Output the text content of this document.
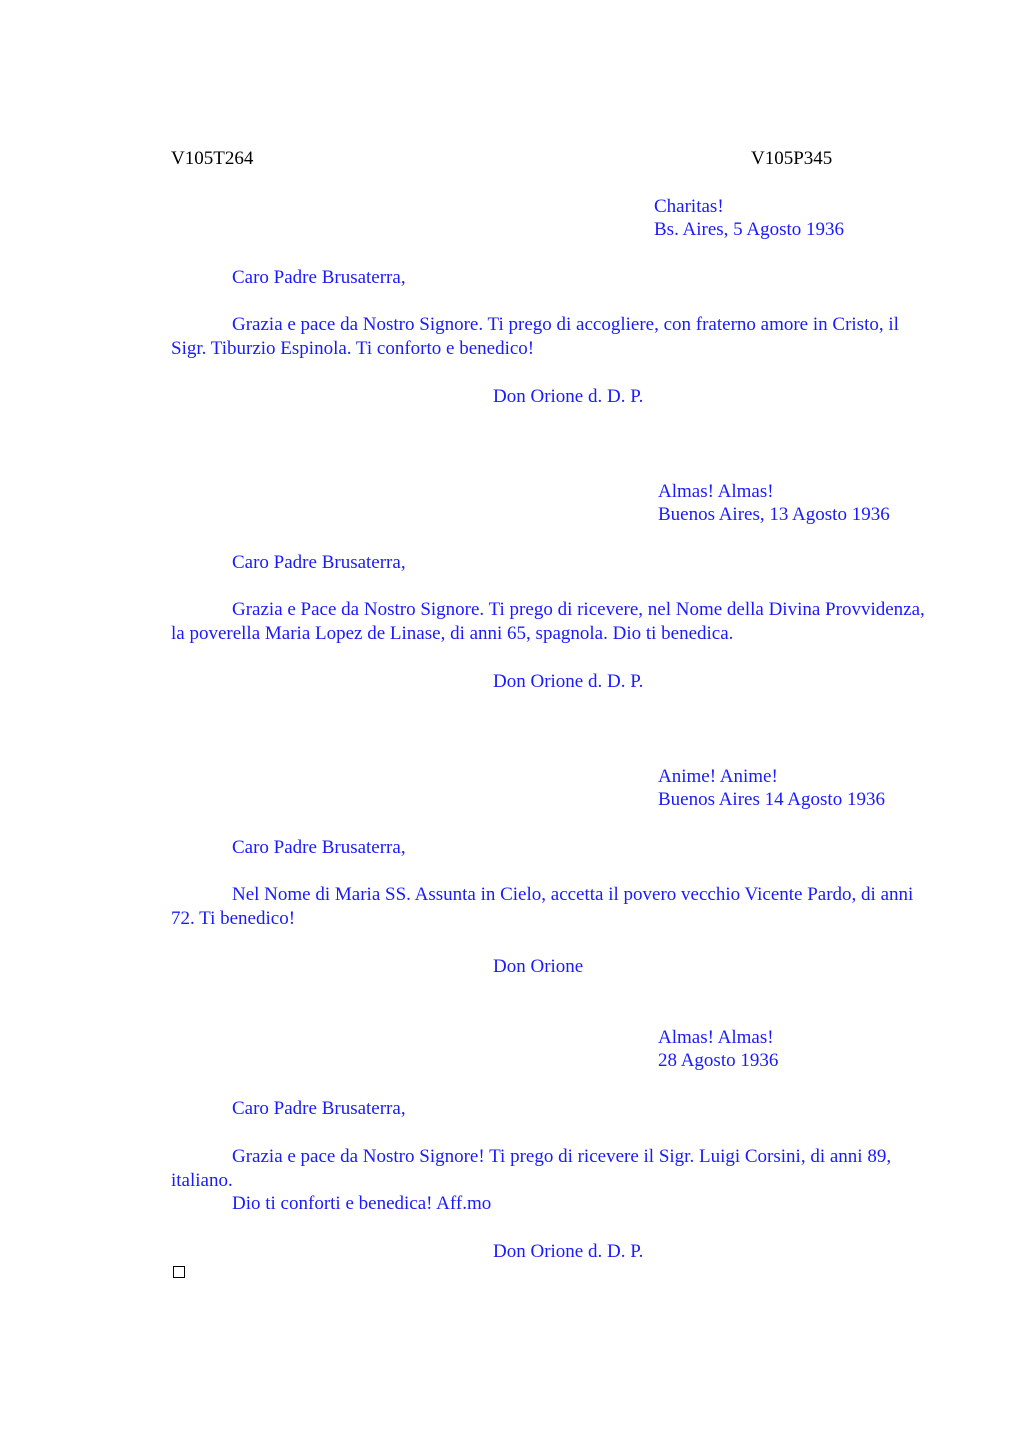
V105T264	V105P345
Charitas!
Bs. Aires, 5 Agosto 1936
Caro Padre Brusaterra,
Grazia e pace da Nostro Signore. Ti prego di accogliere, con fraterno amore in Cristo, il Sigr. Tiburzio Espinola. Ti conforto e benedico!
Don Orione d. D. P.
Almas! Almas!
Buenos Aires, 13 Agosto 1936
Caro Padre Brusaterra,
Grazia e Pace da Nostro Signore. Ti prego di ricevere, nel Nome della Divina Provvidenza, la poverella Maria Lopez de Linase, di anni 65, spagnola. Dio ti benedica.
Don Orione d. D. P.
Anime! Anime!
Buenos Aires 14 Agosto 1936
Caro Padre Brusaterra,
Nel Nome di Maria SS. Assunta in Cielo, accetta il povero vecchio Vicente Pardo, di anni 72. Ti benedico!
Don Orione
Almas! Almas!
28 Agosto 1936
Caro Padre Brusaterra,
Grazia e pace da Nostro Signore! Ti prego di ricevere il Sigr. Luigi Corsini, di anni 89, italiano.
Dio ti conforti e benedica! Aff.mo
Don Orione d. D. P.
